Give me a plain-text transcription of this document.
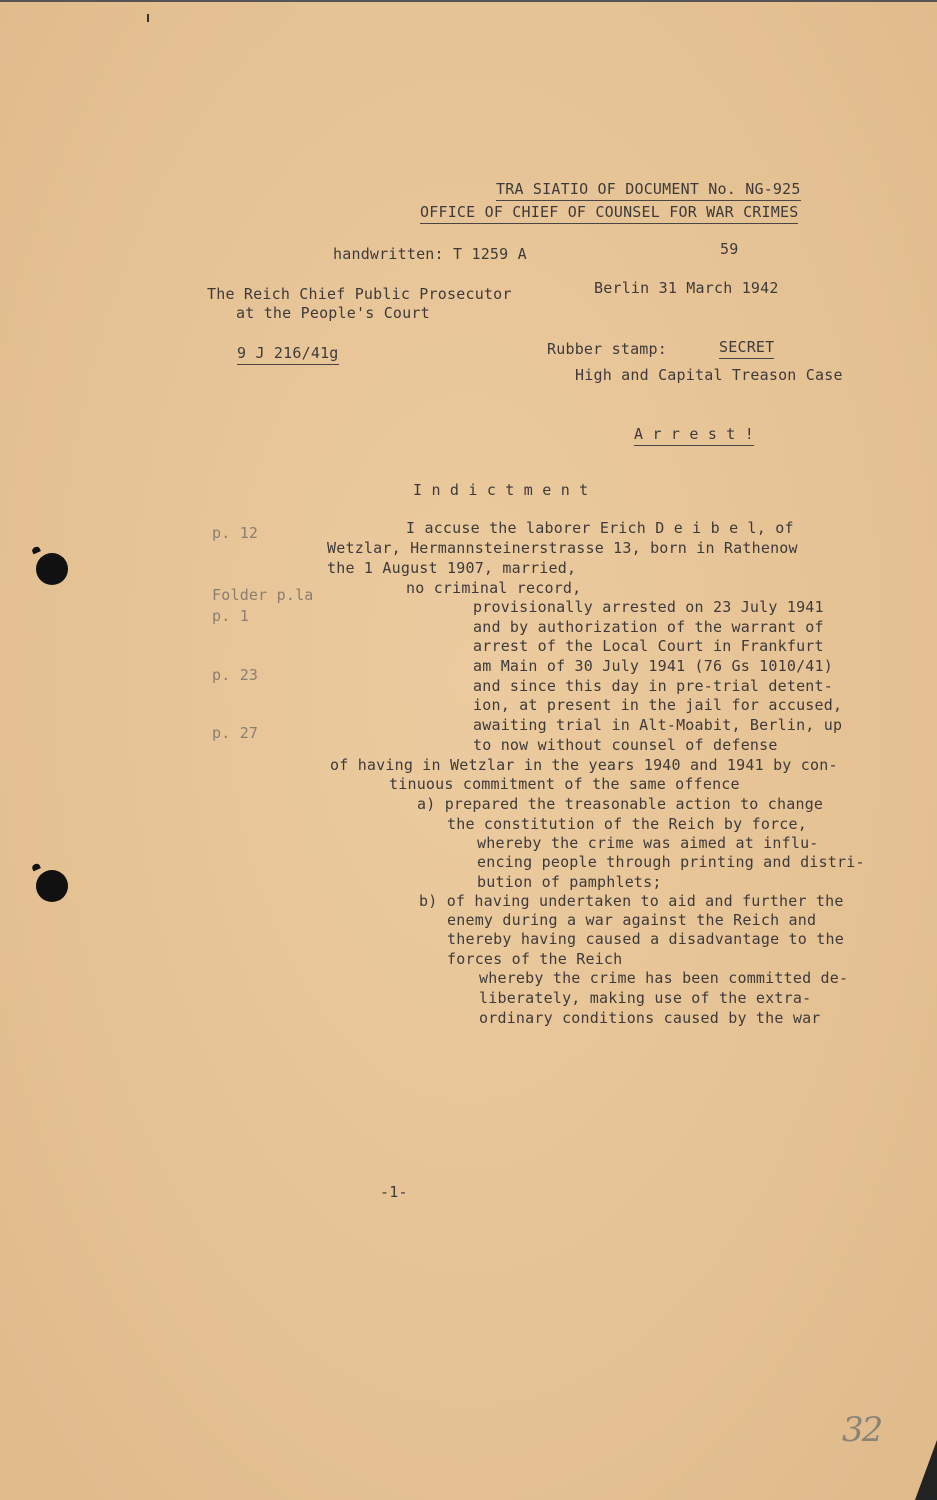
TRA SIATIO OF DOCUMENT No. NG-925
OFFICE OF CHIEF OF COUNSEL FOR WAR CRIMES
handwritten: T 1259 A	59
The Reich Chief Public Prosecutor
at the People's Court
Berlin 31 March 1942
9 J 216/41g	Rubber stamp:	SECRET
High and Capital Treason Case
A r r e s t !
I n d i c t m e n t
p. 12
Folder p.la
p. 1
p. 23
p. 27
I accuse the laborer Erich D e i b e l, of
Wetzlar, Hermannsteinerstrasse 13, born in Rathenow
the 1 August 1907, married,
no criminal record,
provisionally arrested on 23 July 1941
and by authorization of the warrant of
arrest of the Local Court in Frankfurt
am Main of 30 July 1941 (76 Gs 1010/41)
and since this day in pre-trial detent-
ion, at present in the jail for accused,
awaiting trial in Alt-Moabit, Berlin, up
to now without counsel of defense
of having in Wetzlar in the years 1940 and 1941 by con-
tinuous commitment of the same offence
a) prepared the treasonable action to change
the constitution of the Reich by force,
whereby the crime was aimed at influ-
encing people through printing and distri-
bution of pamphlets;
b) of having undertaken to aid and further the
enemy during a war against the Reich and
thereby having caused a disadvantage to the
forces of the Reich
whereby the crime has been committed de-
liberately, making use of the extra-
ordinary conditions caused by the war
-1-
32
